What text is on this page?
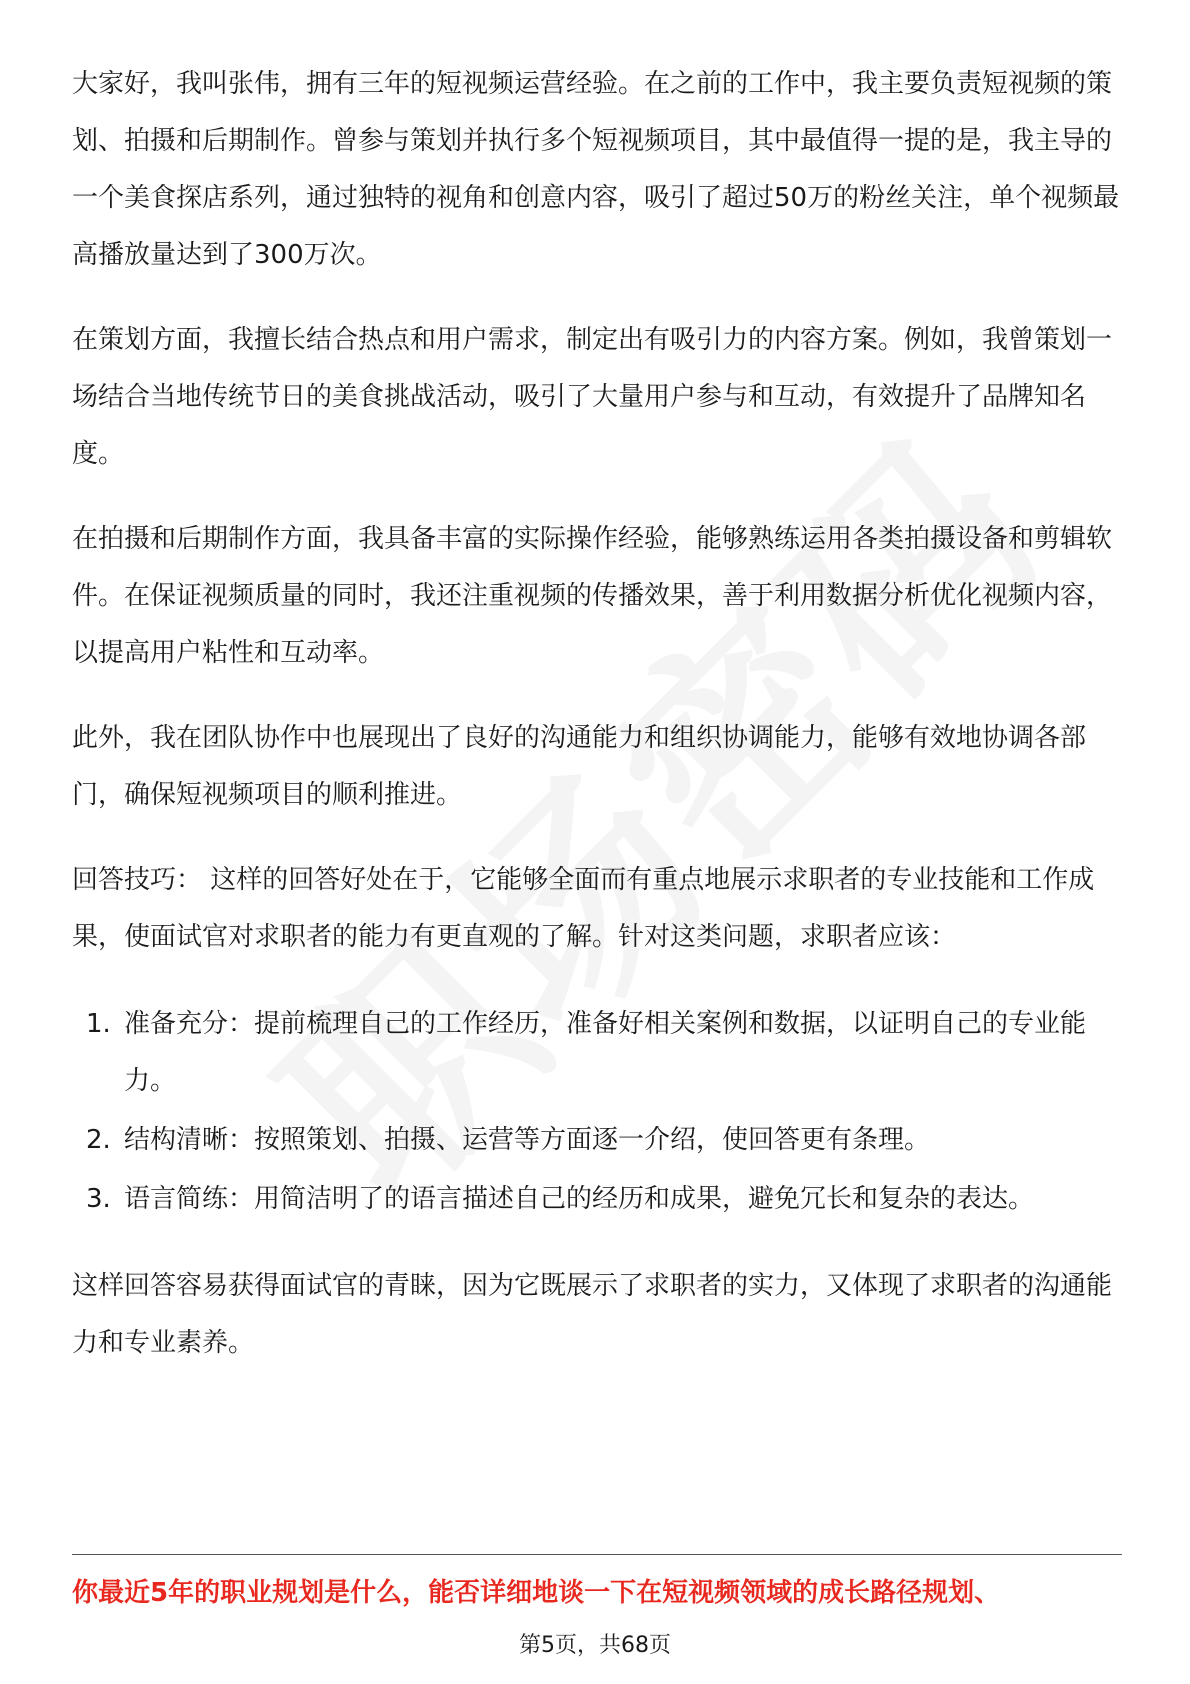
大家好，我叫张伟，拥有三年的短视频运营经验。在之前的工作中，我主要负责短视频的策划、拍摄和后期制作。曾参与策划并执行多个短视频项目，其中最值得一提的是，我主导的一个美食探店系列，通过独特的视角和创意内容，吸引了超过50万的粉丝关注，单个视频最高播放量达到了300万次。

在策划方面，我擅长结合热点和用户需求，制定出有吸引力的内容方案。例如，我曾策划一场结合当地传统节日的美食挑战活动，吸引了大量用户参与和互动，有效提升了品牌知名度。

在拍摄和后期制作方面，我具备丰富的实际操作经验，能够熟练运用各类拍摄设备和剪辑软件。在保证视频质量的同时，我还注重视频的传播效果，善于利用数据分析优化视频内容，以提高用户粘性和互动率。

此外，我在团队协作中也展现出了良好的沟通能力和组织协调能力，能够有效地协调各部门，确保短视频项目的顺利推进。

回答技巧： 这样的回答好处在于，它能够全面而有重点地展示求职者的专业技能和工作成果，使面试官对求职者的能力有更直观的了解。针对这类问题，求职者应该：

1. 准备充分：提前梳理自己的工作经历，准备好相关案例和数据，以证明自己的专业能力。
2. 结构清晰：按照策划、拍摄、运营等方面逐一介绍，使回答更有条理。
3. 语言简练：用简洁明了的语言描述自己的经历和成果，避免冗长和复杂的表达。

这样回答容易获得面试官的青睐，因为它既展示了求职者的实力，又体现了求职者的沟通能力和专业素养。

你最近5年的职业规划是什么，能否详细地谈一下在短视频领域的成长路径规划、
第5页，共68页
